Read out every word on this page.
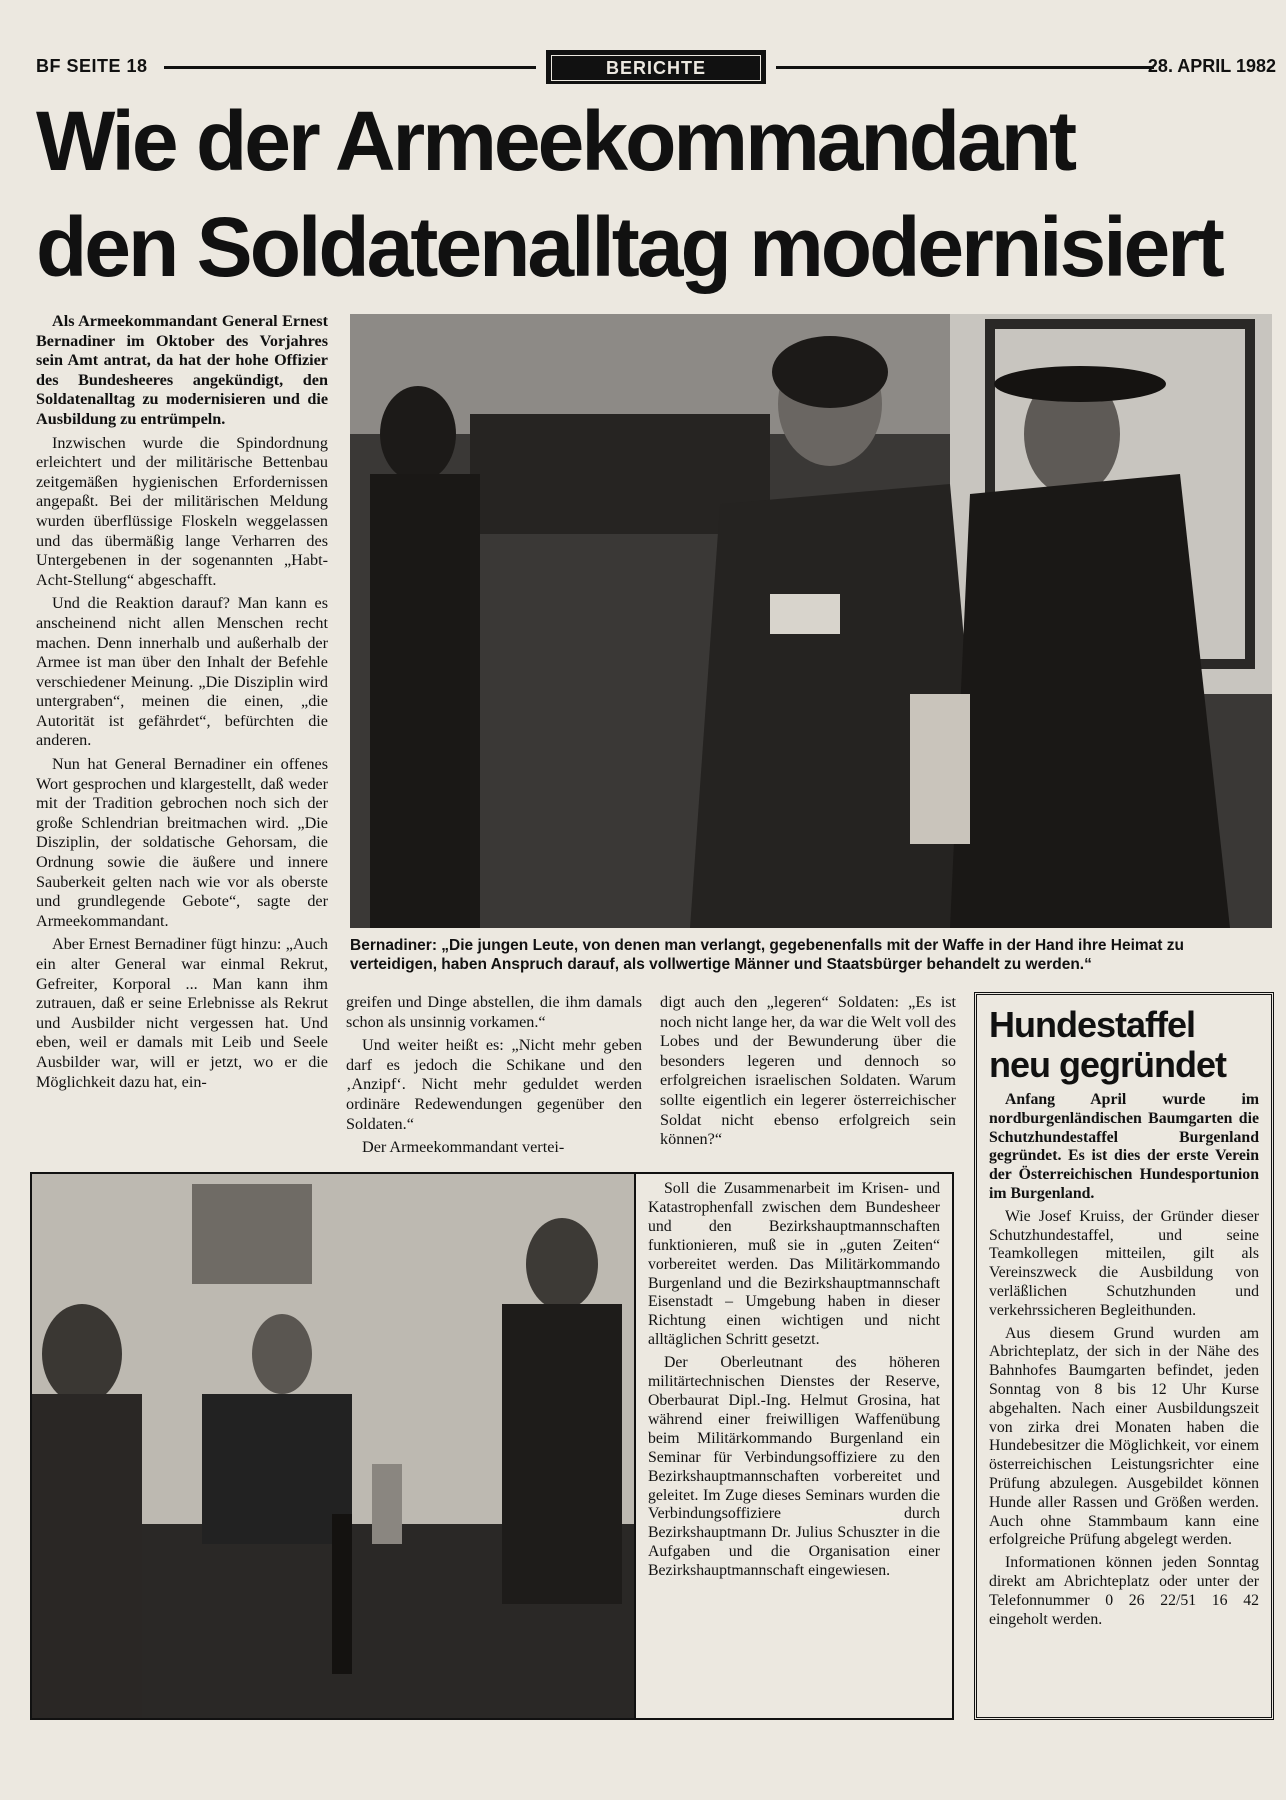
BF SEITE 18	BERICHTE	28. APRIL 1982
Wie der Armeekommandant
den Soldatenalltag modernisiert

Als Armeekommandant General Ernest Bernadiner im Oktober des Vorjahres sein Amt antrat, da hat der hohe Offizier des Bundesheeres angekündigt, den Soldatenalltag zu modernisieren und die Ausbildung zu entrümpeln.

Inzwischen wurde die Spindordnung erleichtert und der militärische Bettenbau zeitgemäßen hygienischen Erfordernissen angepaßt. Bei der militärischen Meldung wurden überflüssige Floskeln weggelassen und das übermäßig lange Verharren des Untergebenen in der sogenannten „Habt-Acht-Stellung“ abgeschafft.

Und die Reaktion darauf? Man kann es anscheinend nicht allen Menschen recht machen. Denn innerhalb und außerhalb der Armee ist man über den Inhalt der Befehle verschiedener Meinung. „Die Disziplin wird untergraben“, meinen die einen, „die Autorität ist gefährdet“, befürchten die anderen.

Nun hat General Bernadiner ein offenes Wort gesprochen und klargestellt, daß weder mit der Tradition gebrochen noch sich der große Schlendrian breitmachen wird. „Die Disziplin, der soldatische Gehorsam, die Ordnung sowie die äußere und innere Sauberkeit gelten nach wie vor als oberste und grundlegende Gebote“, sagte der Armeekommandant.

Aber Ernest Bernadiner fügt hinzu: „Auch ein alter General war einmal Rekrut, Gefreiter, Korporal ... Man kann ihm zutrauen, daß er seine Erlebnisse als Rekrut und Ausbilder nicht vergessen hat. Und eben, weil er damals mit Leib und Seele Ausbilder war, will er jetzt, wo er die Möglichkeit dazu hat, ein-

Bernadiner: „Die jungen Leute, von denen man verlangt, gegebenenfalls mit der Waffe in der Hand ihre Heimat zu verteidigen, haben Anspruch darauf, als vollwertige Männer und Staatsbürger behandelt zu werden.“

greifen und Dinge abstellen, die ihm damals schon als unsinnig vorkamen.“

Und weiter heißt es: „Nicht mehr geben darf es jedoch die Schikane und den ‚Anzipf‘. Nicht mehr geduldet werden ordinäre Redewendungen gegenüber den Soldaten.“

Der Armeekommandant vertei-

digt auch den „legeren“ Soldaten: „Es ist noch nicht lange her, da war die Welt voll des Lobes und der Bewunderung über die besonders legeren und dennoch so erfolgreichen israelischen Soldaten. Warum sollte eigentlich ein legerer österreichischer Soldat nicht ebenso erfolgreich sein können?“

Hundestaffel
neu gegründet

Anfang April wurde im nordburgenländischen Baumgarten die Schutzhundestaffel Burgenland gegründet. Es ist dies der erste Verein der Österreichischen Hundesportunion im Burgenland.

Wie Josef Kruiss, der Gründer dieser Schutzhundestaffel, und seine Teamkollegen mitteilen, gilt als Vereinszweck die Ausbildung von verläßlichen Schutzhunden und verkehrssicheren Begleithunden.

Aus diesem Grund wurden am Abrichteplatz, der sich in der Nähe des Bahnhofes Baumgarten befindet, jeden Sonntag von 8 bis 12 Uhr Kurse abgehalten. Nach einer Ausbildungszeit von zirka drei Monaten haben die Hundebesitzer die Möglichkeit, vor einem österreichischen Leistungsrichter eine Prüfung abzulegen. Ausgebildet können Hunde aller Rassen und Größen werden. Auch ohne Stammbaum kann eine erfolgreiche Prüfung abgelegt werden.

Informationen können jeden Sonntag direkt am Abrichteplatz oder unter der Telefonnummer 0 26 22/51 16 42 eingeholt werden.

Soll die Zusammenarbeit im Krisen- und Katastrophenfall zwischen dem Bundesheer und den Bezirkshauptmannschaften funktionieren, muß sie in „guten Zeiten“ vorbereitet werden. Das Militärkommando Burgenland und die Bezirkshauptmannschaft Eisenstadt – Umgebung haben in dieser Richtung einen wichtigen und nicht alltäglichen Schritt gesetzt.

Der Oberleutnant des höheren militärtechnischen Dienstes der Reserve, Oberbaurat Dipl.-Ing. Helmut Grosina, hat während einer freiwilligen Waffenübung beim Militärkommando Burgenland ein Seminar für Verbindungsoffiziere zu den Bezirkshauptmannschaften vorbereitet und geleitet. Im Zuge dieses Seminars wurden die Verbindungsoffiziere durch Bezirkshauptmann Dr. Julius Schuszter in die Aufgaben und die Organisation einer Bezirkshauptmannschaft eingewiesen.
